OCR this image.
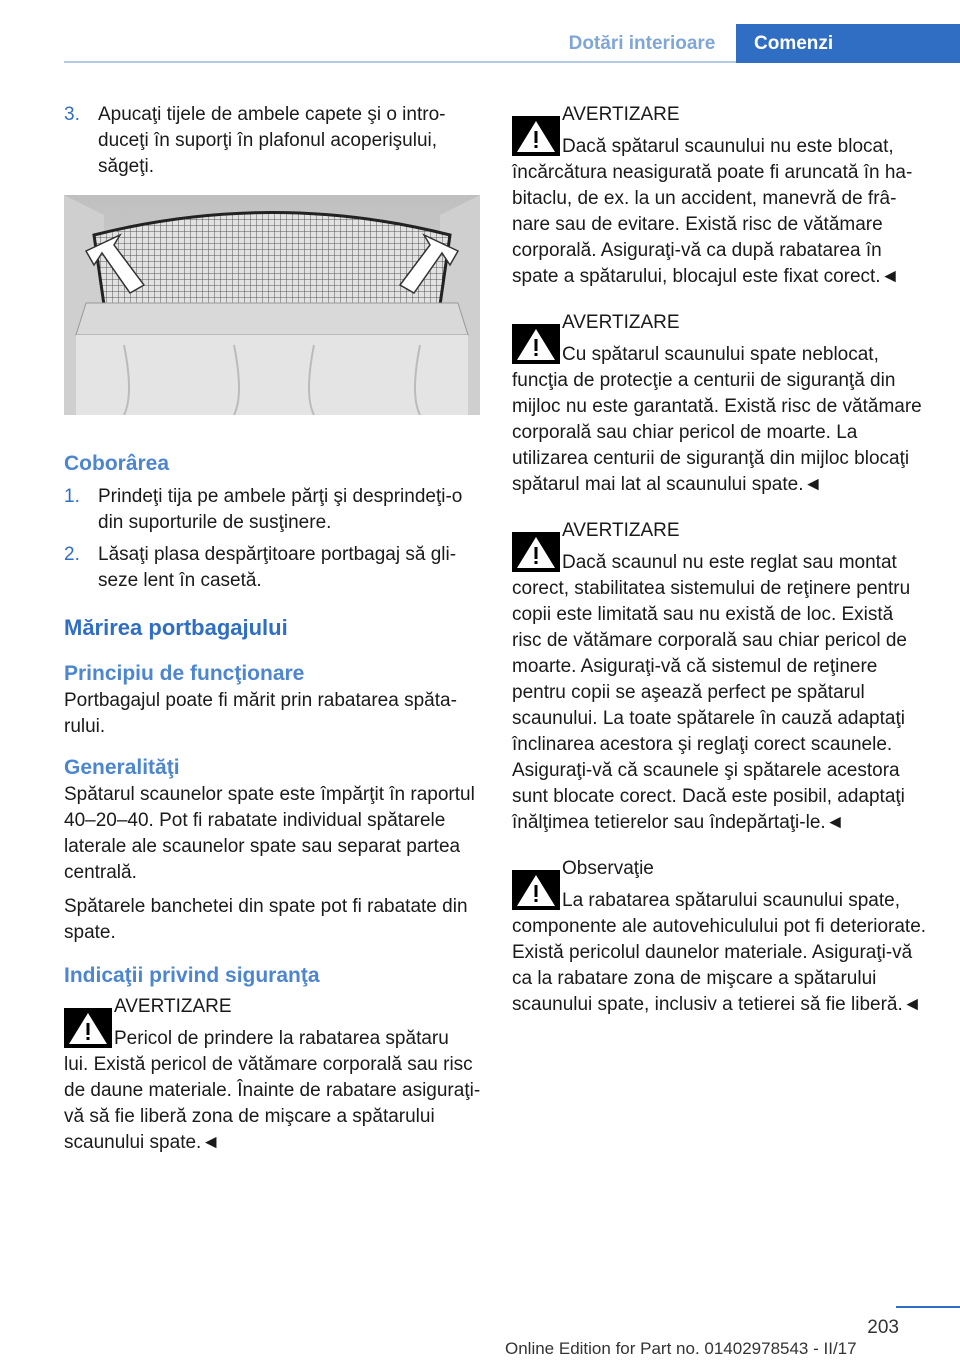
Dotări interioare	Comenzi
3. Apucaţi tijele de ambele capete şi o introduceţi în suporţi în plafonul acoperişului, săgeţi.
Coborârea
1. Prindeţi tija pe ambele părţi şi desprindeţi-o din suporturile de susţinere.
2. Lăsaţi plasa despărţitoare portbagaj să gliseze lent în casetă.
Mărirea portbagajului
Principiu de funcţionare

Portbagajul poate fi mărit prin rabatarea spătarului.

Generalităţi

Spătarul scaunelor spate este împărţit în raportul 40–20–40. Pot fi rabatate individual spătarele laterale ale scaunelor spate sau separat partea centrală.

Spătarele banchetei din spate pot fi rabatate din spate.

Indicaţii privind siguranţa
AVERTIZARE
Pericol de prindere la rabatarea spătaru

lui. Există pericol de vătămare corporală sau risc de daune materiale. Înainte de rabatare asiguraţi-vă să fie liberă zona de mişcare a spătarului scaunului spate.◄

AVERTIZARE
Dacă spătarul scaunului nu este blocat,

încărcătura neasigurată poate fi aruncată în habitaclu, de ex. la un accident, manevră de frânare sau de evitare. Există risc de vătămare corporală. Asiguraţi-vă ca după rabatarea în spate a spătarului, blocajul este fixat corect.◄

AVERTIZARE
Cu spătarul scaunului spate neblocat,

funcţia de protecţie a centurii de siguranţă din mijloc nu este garantată. Există risc de vătămare corporală sau chiar pericol de moarte. La utilizarea centurii de siguranţă din mijloc blocaţi spătarul mai lat al scaunului spate.◄

AVERTIZARE
Dacă scaunul nu este reglat sau montat

corect, stabilitatea sistemului de reţinere pentru copii este limitată sau nu există de loc. Există risc de vătămare corporală sau chiar pericol de moarte. Asiguraţi-vă că sistemul de reţinere pentru copii se aşează perfect pe spătarul scaunului. La toate spătarele în cauză adaptaţi înclinarea acestora şi reglaţi corect scaunele. Asiguraţi-vă că scaunele şi spătarele acestora sunt blocate corect. Dacă este posibil, adaptaţi înălţimea tetierelor sau îndepărtaţi-le.◄

Observaţie
La rabatarea spătarului scaunului spate,

componente ale autovehiculului pot fi deteriorate. Există pericolul daunelor materiale. Asiguraţi-vă ca la rabatare zona de mişcare a spătarului scaunului spate, inclusiv a tetierei să fie liberă.◄

203
Online Edition for Part no. 01402978543 - II/17
